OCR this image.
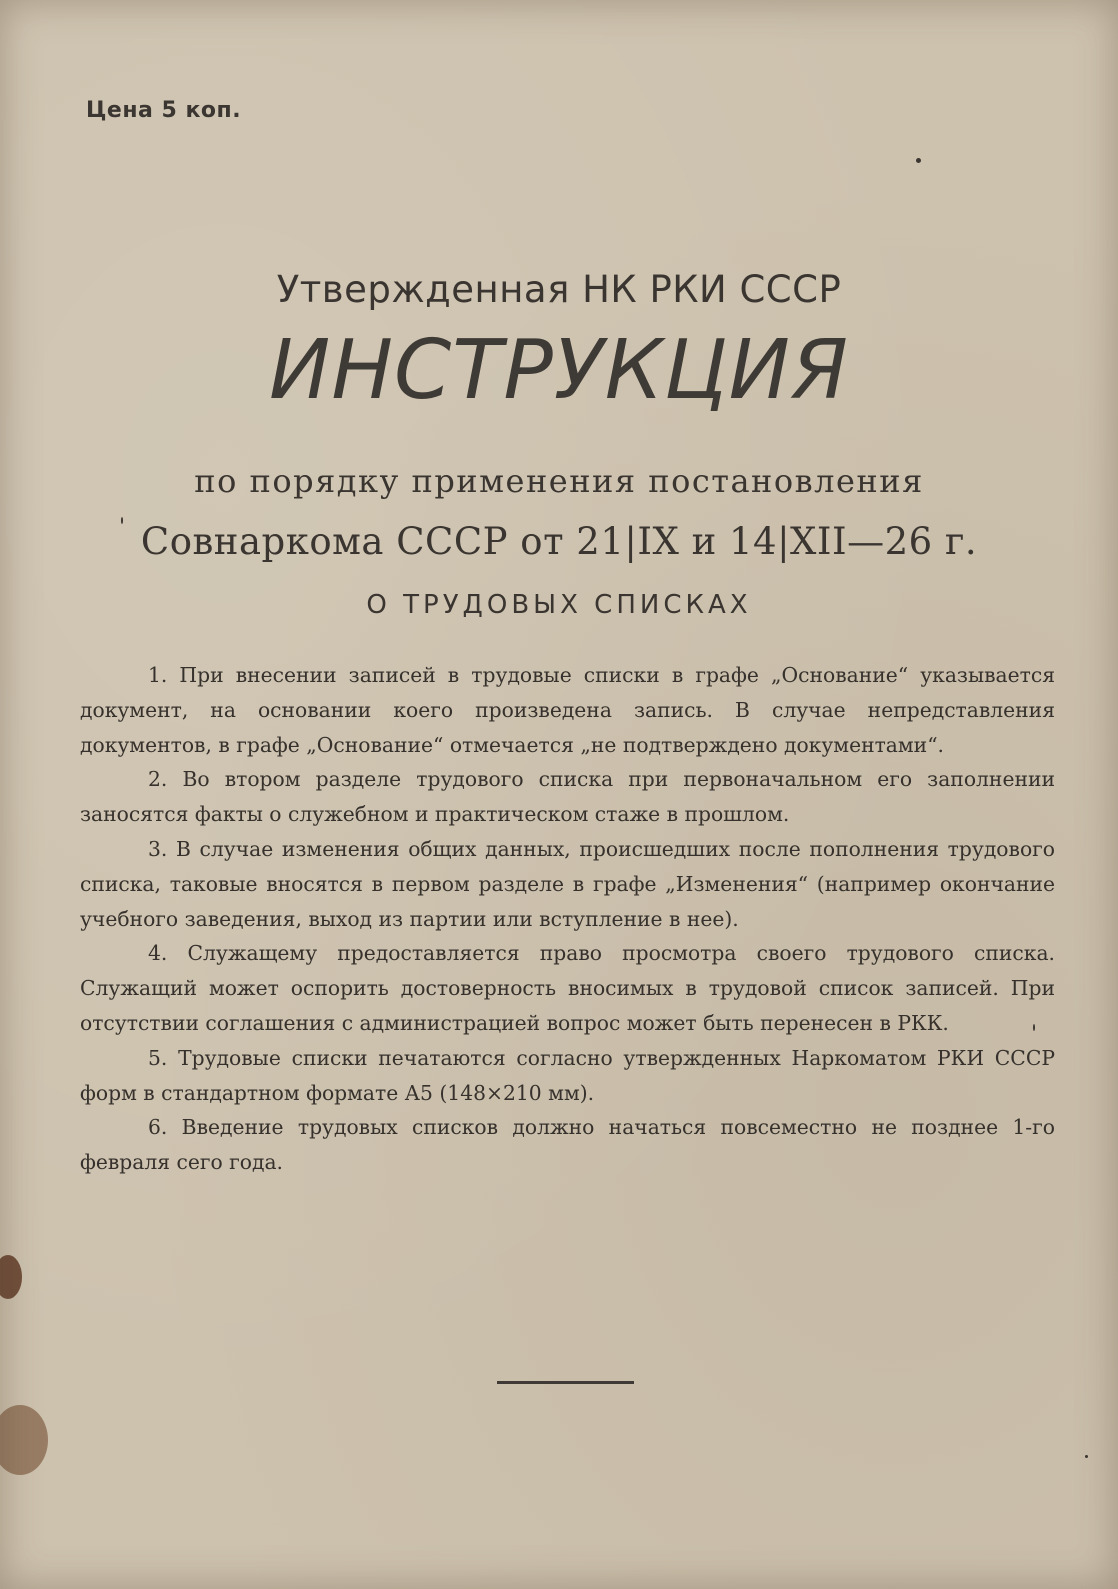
Цена 5 коп.
Утвержденная НК РКИ СССР
ИНСТРУКЦИЯ
по порядку применения постановления
Совнаркома СССР от 21|IX и 14|XII—26 г.
О ТРУДОВЫХ СПИСКАХ

1. При внесении записей в трудовые списки в графе „Основание“ указывается документ, на основании коего произведена запись. В случае непредставления документов, в графе „Основание“ отмечается „не подтверждено документами“.

2. Во втором разделе трудового списка при первоначальном его заполнении заносятся факты о служебном и практическом стаже в прошлом.

3. В случае изменения общих данных, происшедших после пополнения трудового списка, таковые вносятся в первом разделе в графе „Изменения“ (например окончание учебного заведения, выход из партии или вступление в нее).

4. Служащему предоставляется право просмотра своего трудового списка. Служащий может оспорить достоверность вносимых в трудовой список записей. При отсутствии соглашения с администрацией вопрос может быть перенесен в РКК.

5. Трудовые списки печатаются согласно утвержденных Наркоматом РКИ СССР форм в стандартном формате А5 (148×210 мм).

6. Введение трудовых списков должно начаться повсеместно не позднее 1-го февраля сего года.
